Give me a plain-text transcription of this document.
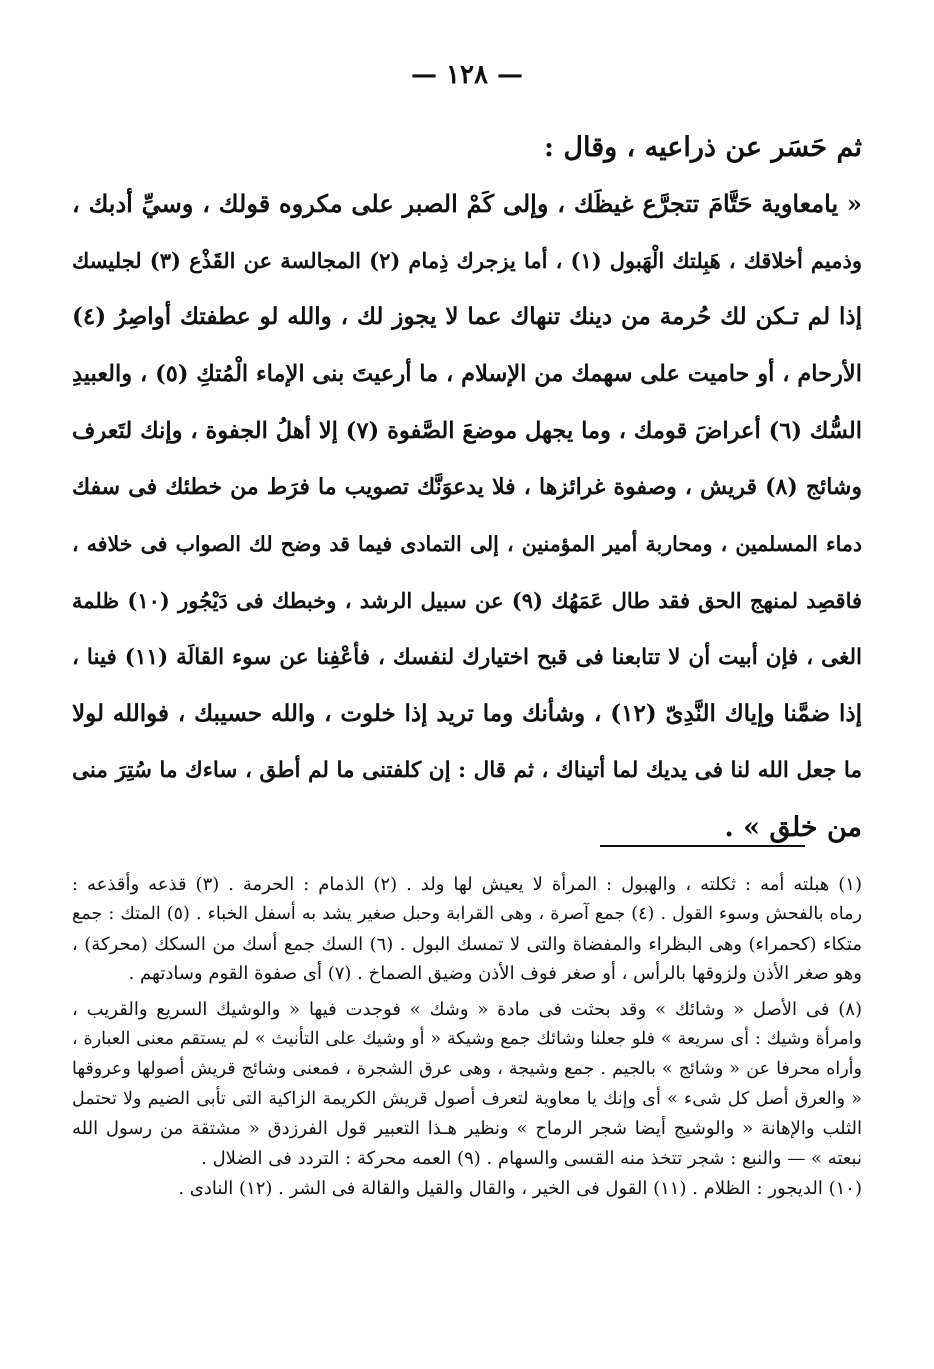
— ١٢٨ —
ثم حَسَر عن ذراعيه ، وقال :
« يامعاوية حَتَّامَ تتجرَّع غيظَك ، وإلى كَمْ الصبر على مكروه قولك ، وسيِّ أدبك ،
وذميم أخلاقك ، هَبِلتك الْهَبول (١) ، أما يزجرك ذِمام (٢) المجالسة عن القَذْع (٣) لجليسك
إذا لم تـكن لك حُرمة من دينك تنهاك عما لا يجوز لك ، والله لو عطفتك أواصِرُ (٤)
الأرحام ، أو حاميت على سهمك من الإسلام ، ما أرعيتَ بنى الإماء الْمُتكِ (٥) ، والعبيدِ
السُّك (٦) أعراضَ قومك ، وما يجهل موضعَ الصَّفوة (٧) إلا أهلُ الجفوة ، وإنك لتَعرف
وشائج (٨) قريش ، وصفوة غرائزها ، فلا يدعوَنَّك تصويب ما فرَط من خطئك فى سفك
دماء المسلمين ، ومحاربة أمير المؤمنين ، إلى التمادى فيما قد وضح لك الصواب فى خلافه ،
فاقصِد لمنهج الحق فقد طال عَمَهُك (٩) عن سبيل الرشد ، وخبطك فى دَيْجُور (١٠) ظلمة
الغى ، فإن أبيت أن لا تتابعنا فى قبح اختيارك لنفسك ، فأعْفِنا عن سوء القالَة (١١) فينا ،
إذا ضمَّنا وإياك النَّدِىّ (١٢) ، وشأنك وما تريد إذا خلوت ، والله حسيبك ، فوالله لولا
ما جعل الله لنا فى يديك لما أتيناك ، ثم قال : إن كلفتنى ما لم أطق ، ساءك ما سُتِرَ منى
من خلق » .
(١) هبلته أمه : ثكلته ، والهبول : المرأة لا يعيش لها ولد . (٢) الذمام : الحرمة . (٣) قذعه وأقذعه :
رماه بالفحش وسوء القول . (٤) جمع آصرة ، وهى القرابة وحبل صغير يشد به أسفل الخباء . (٥) المتك : جمع
متكاء (كحمراء) وهى البظراء والمفضاة والتى لا تمسك البول . (٦) السك جمع أسك من السكك (محركة) ،
وهو صغر الأذن ولزوقها بالرأس ، أو صغر فوف الأذن وضيق الصماخ . (٧) أى صفوة القوم وسادتهم .
(٨) فى الأصل « وشائك » وقد بحثت فى مادة « وشك » فوجدت فيها « والوشيك السريع والقريب ،
وامرأة وشيك : أى سريعة » فلو جعلنا وشائك جمع وشيكة « أو وشيك على التأنيث » لم يستقم معنى العبارة ،
وأراه محرفا عن « وشائج » بالجيم . جمع وشيجة ، وهى عرق الشجرة ، فمعنى وشائج قريش أصولها وعروقها
« والعرق أصل كل شىء » أى وإنك يا معاوية لتعرف أصول قريش الكريمة الزاكية التى تأبى الضيم ولا تحتمل
الثلب والإهانة « والوشيج أيضا شجر الرماح » ونظير هـذا التعبير قول الفرزدق « مشتقة من رسول الله
نبعته » — والنبع : شجر تتخذ منه القسى والسهام . (٩) العمه محركة : التردد فى الضلال .
(١٠) الديجور : الظلام . (١١) القول فى الخير ، والقال والقيل والقالة فى الشر . (١٢) النادى .
